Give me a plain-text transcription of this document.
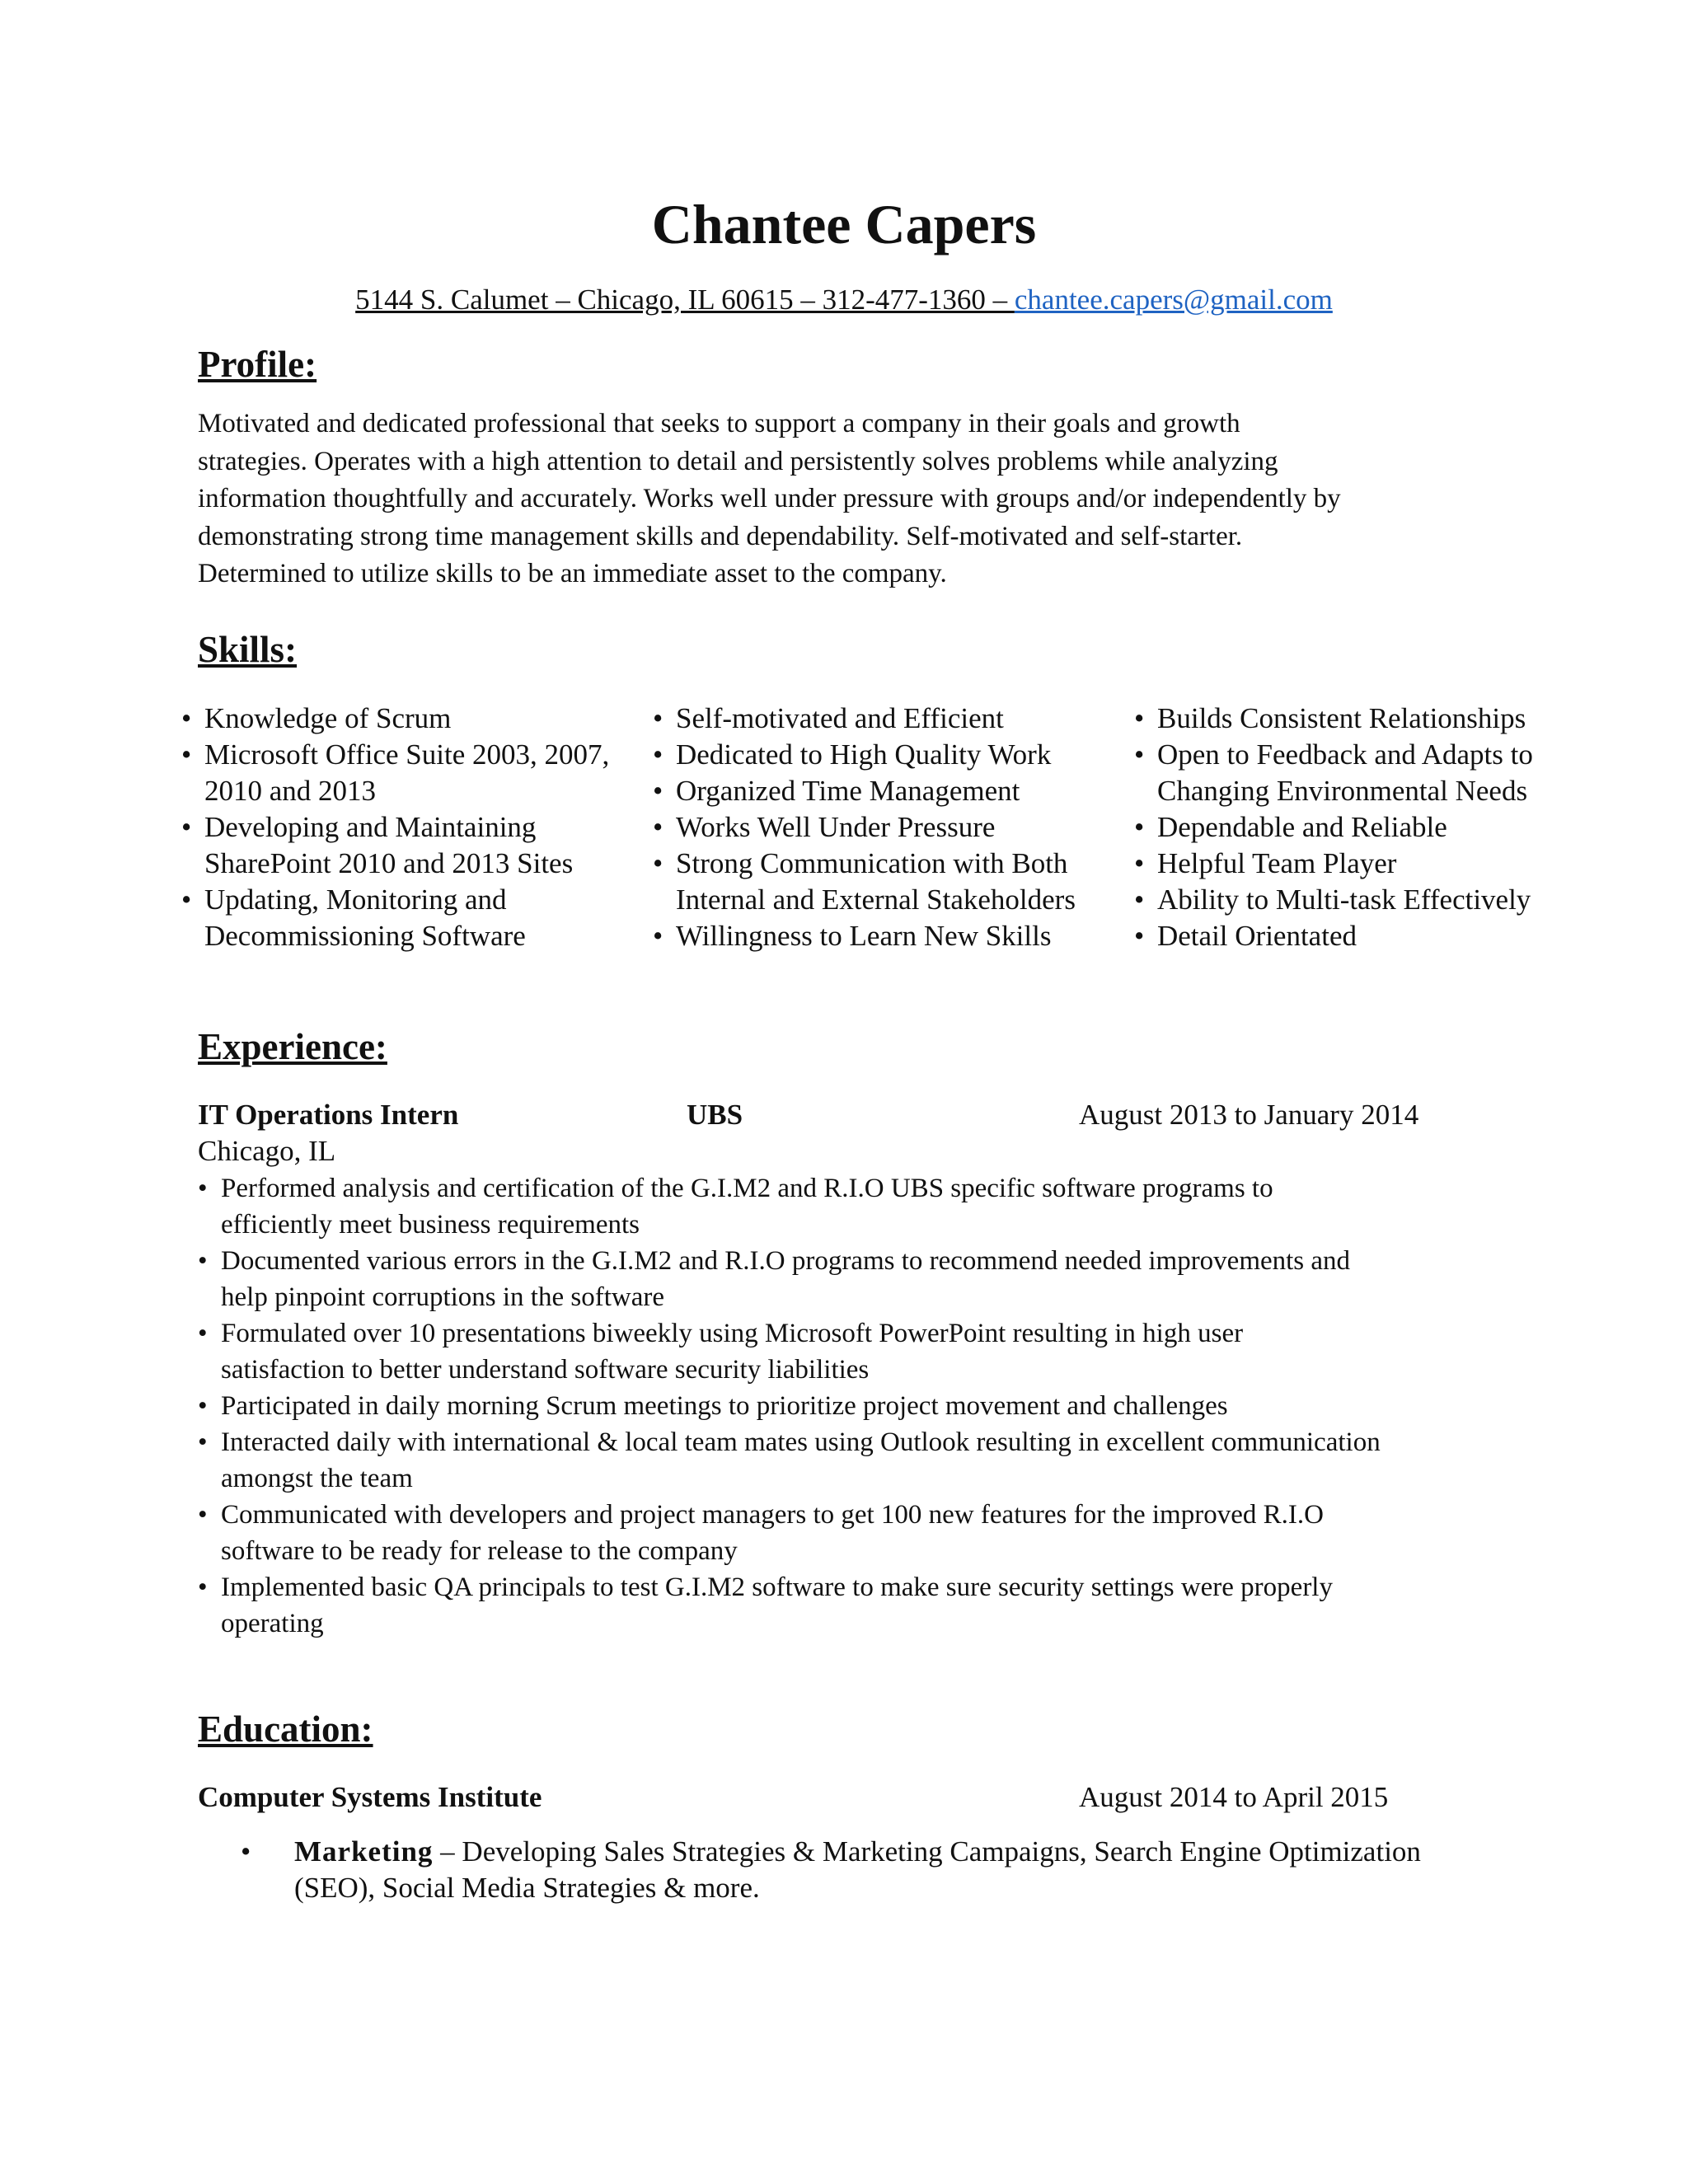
Chantee Capers
5144 S. Calumet – Chicago, IL 60615 – 312-477-1360 – chantee.capers@gmail.com
Profile:

Motivated and dedicated professional that seeks to support a company in their goals and growth

strategies. Operates with a high attention to detail and persistently solves problems while analyzing

information thoughtfully and accurately. Works well under pressure with groups and/or independently by

demonstrating strong time management skills and dependability. Self-motivated and self-starter.

Determined to utilize skills to be an immediate asset to the company.

Skills:
• Knowledge of Scrum
• Microsoft Office Suite 2003, 2007,
2010 and 2013
• Developing and Maintaining
SharePoint 2010 and 2013 Sites
• Updating, Monitoring and
Decommissioning Software
• Self-motivated and Efficient
• Dedicated to High Quality Work
• Organized Time Management
• Works Well Under Pressure
• Strong Communication with Both
Internal and External Stakeholders
• Willingness to Learn New Skills
• Builds Consistent Relationships
• Open to Feedback and Adapts to
Changing Environmental Needs
• Dependable and Reliable
• Helpful Team Player
• Ability to Multi-task Effectively
• Detail Orientated
Experience:
IT Operations Intern	UBS	August 2013 to January 2014
Chicago, IL
• Performed analysis and certification of the G.I.M2 and R.I.O UBS specific software programs to
efficiently meet business requirements
• Documented various errors in the G.I.M2 and R.I.O programs to recommend needed improvements and
help pinpoint corruptions in the software
• Formulated over 10 presentations biweekly using Microsoft PowerPoint resulting in high user
satisfaction to better understand software security liabilities
• Participated in daily morning Scrum meetings to prioritize project movement and challenges
• Interacted daily with international & local team mates using Outlook resulting in excellent communication
amongst the team
• Communicated with developers and project managers to get 100 new features for the improved R.I.O
software to be ready for release to the company
• Implemented basic QA principals to test G.I.M2 software to make sure security settings were properly
operating
Education:
Computer Systems Institute	August 2014 to April 2015
• Marketing – Developing Sales Strategies & Marketing Campaigns, Search Engine Optimization
(SEO), Social Media Strategies & more.
